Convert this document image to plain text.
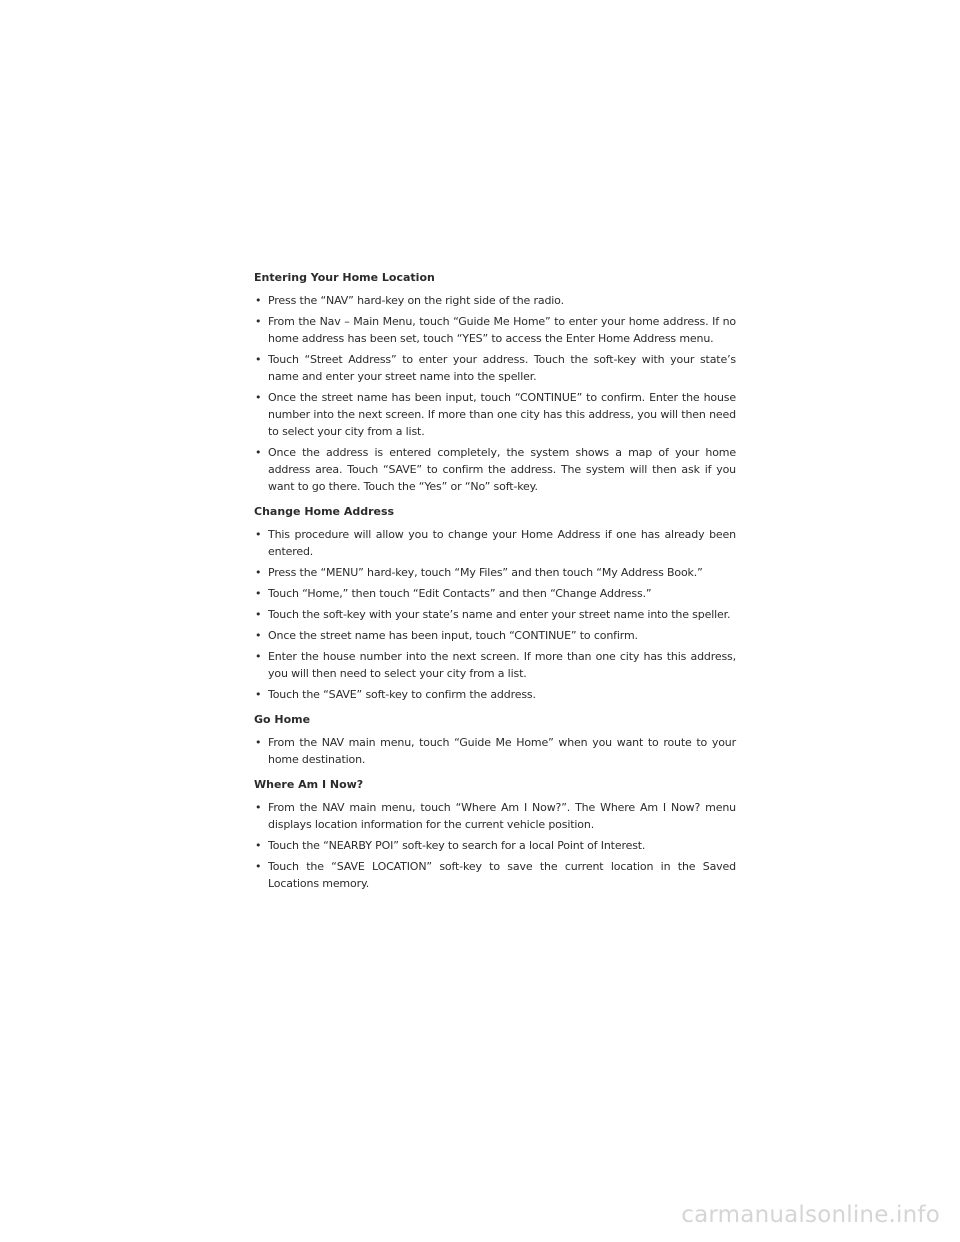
Entering Your Home Location
• Press the “NAV” hard-key on the right side of the radio.
• From the Nav – Main Menu, touch “Guide Me Home” to enter your home address. If no home address has been set, touch “YES” to access the Enter Home Address menu.
• Touch “Street Address” to enter your address. Touch the soft-key with your state’s name and enter your street name into the speller.
• Once the street name has been input, touch “CONTINUE” to confirm. Enter the house number into the next screen. If more than one city has this address, you will then need to select your city from a list.
• Once the address is entered completely, the system shows a map of your home address area. Touch “SAVE” to confirm the address. The system will then ask if you want to go there. Touch the “Yes” or “No” soft-key.
Change Home Address
• This procedure will allow you to change your Home Address if one has already been entered.
• Press the “MENU” hard-key, touch “My Files” and then touch “My Address Book.”
• Touch “Home,” then touch “Edit Contacts” and then “Change Address.”
• Touch the soft-key with your state’s name and enter your street name into the speller.
• Once the street name has been input, touch “CONTINUE” to confirm.
• Enter the house number into the next screen. If more than one city has this address, you will then need to select your city from a list.
• Touch the “SAVE” soft-key to confirm the address.
Go Home
• From the NAV main menu, touch “Guide Me Home” when you want to route to your home destination.
Where Am I Now?
• From the NAV main menu, touch “Where Am I Now?”. The Where Am I Now? menu displays location information for the current vehicle position.
• Touch the “NEARBY POI” soft-key to search for a local Point of Interest.
• Touch the “SAVE LOCATION” soft-key to save the current location in the Saved Locations memory.
carmanualsonline.info
